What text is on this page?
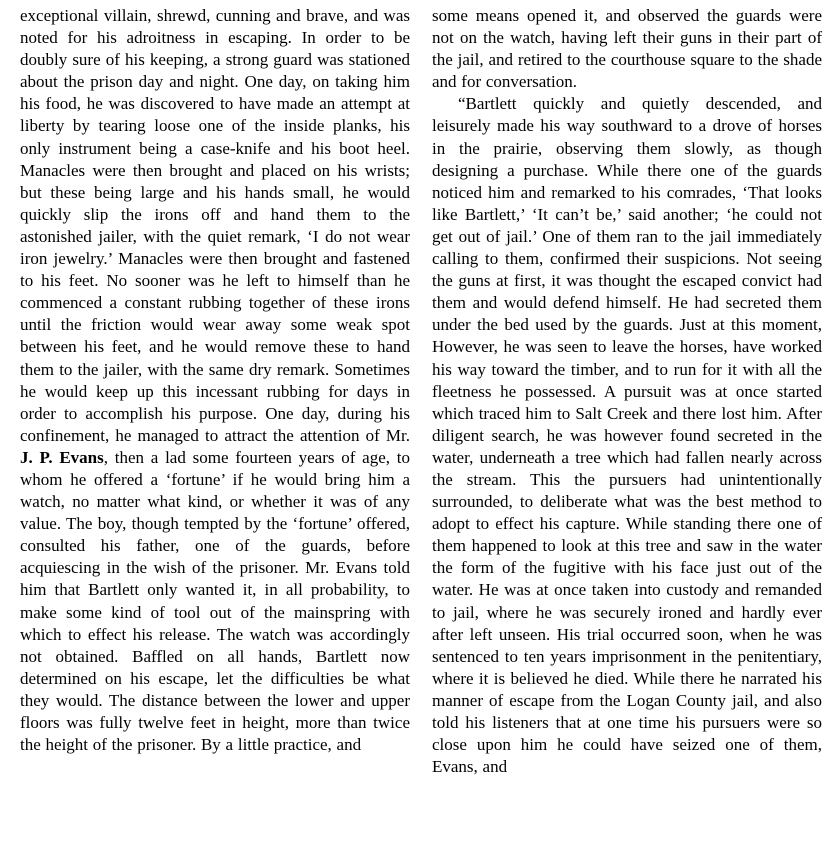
exceptional villain, shrewd, cunning and brave, and was noted for his adroitness in escaping. In order to be doubly sure of his keeping, a strong guard was stationed about the prison day and night. One day, on taking him his food, he was discovered to have made an attempt at liberty by tearing loose one of the inside planks, his only instrument being a case-knife and his boot heel. Manacles were then brought and placed on his wrists; but these being large and his hands small, he would quickly slip the irons off and hand them to the astonished jailer, with the quiet remark, ‘I do not wear iron jewelry.’ Manacles were then brought and fastened to his feet. No sooner was he left to himself than he commenced a constant rubbing together of these irons until the friction would wear away some weak spot between his feet, and he would remove these to hand them to the jailer, with the same dry remark. Sometimes he would keep up this incessant rubbing for days in order to accomplish his purpose. One day, during his confinement, he managed to attract the attention of Mr. J. P. Evans, then a lad some fourteen years of age, to whom he offered a ‘fortune’ if he would bring him a watch, no matter what kind, or whether it was of any value. The boy, though tempted by the ‘fortune’ offered, consulted his father, one of the guards, before acquiescing in the wish of the prisoner. Mr. Evans told him that Bartlett only wanted it, in all probability, to make some kind of tool out of the mainspring with which to effect his release. The watch was accordingly not obtained. Baffled on all hands, Bartlett now determined on his escape, let the difficulties be what they would. The distance between the lower and upper floors was fully twelve feet in height, more than twice the height of the prisoner. By a little practice, and

some means opened it, and observed the guards were not on the watch, having left their guns in their part of the jail, and retired to the courthouse square to the shade and for conversation.

“Bartlett quickly and quietly descended, and leisurely made his way southward to a drove of horses in the prairie, observing them slowly, as though designing a purchase. While there one of the guards noticed him and remarked to his comrades, ‘That looks like Bartlett,’ ‘It can’t be,’ said another; ‘he could not get out of jail.’ One of them ran to the jail immediately calling to them, confirmed their suspicions. Not seeing the guns at first, it was thought the escaped convict had them and would defend himself. He had secreted them under the bed used by the guards. Just at this moment, However, he was seen to leave the horses, have worked his way toward the timber, and to run for it with all the fleetness he possessed. A pursuit was at once started which traced him to Salt Creek and there lost him. After diligent search, he was however found secreted in the water, underneath a tree which had fallen nearly across the stream. This the pursuers had unintentionally surrounded, to deliberate what was the best method to adopt to effect his capture. While standing there one of them happened to look at this tree and saw in the water the form of the fugitive with his face just out of the water. He was at once taken into custody and remanded to jail, where he was securely ironed and hardly ever after left unseen. His trial occurred soon, when he was sentenced to ten years imprisonment in the penitentiary, where it is believed he died. While there he narrated his manner of escape from the Logan County jail, and also told his listeners that at one time his pursuers were so close upon him he could have seized one of them, Evans, and
